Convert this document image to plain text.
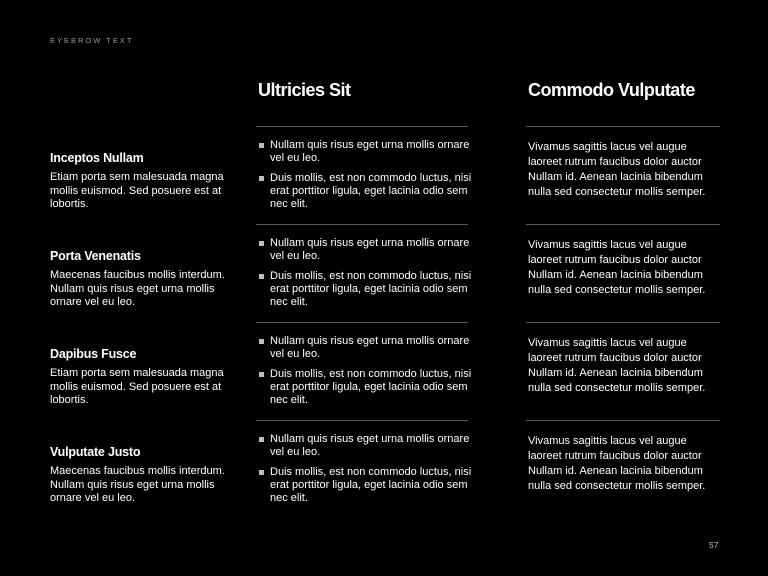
EYEBROW TEXT
Ultricies Sit	Commodo Vulputate
Inceptos Nullam
Etiam porta sem malesuada magna mollis euismod. Sed posuere est at lobortis.
Nullam quis risus eget urna mollis ornare vel eu leo.
Duis mollis, est non commodo luctus, nisi erat porttitor ligula, eget lacinia odio sem nec elit.
Vivamus sagittis lacus vel augue laoreet rutrum faucibus dolor auctor Nullam id. Aenean lacinia bibendum nulla sed consectetur mollis semper.
Porta Venenatis
Maecenas faucibus mollis interdum. Nullam quis risus eget urna mollis ornare vel eu leo.
Nullam quis risus eget urna mollis ornare vel eu leo.
Duis mollis, est non commodo luctus, nisi erat porttitor ligula, eget lacinia odio sem nec elit.
Vivamus sagittis lacus vel augue laoreet rutrum faucibus dolor auctor Nullam id. Aenean lacinia bibendum nulla sed consectetur mollis semper.
Dapibus Fusce
Etiam porta sem malesuada magna mollis euismod. Sed posuere est at lobortis.
Nullam quis risus eget urna mollis ornare vel eu leo.
Duis mollis, est non commodo luctus, nisi erat porttitor ligula, eget lacinia odio sem nec elit.
Vivamus sagittis lacus vel augue laoreet rutrum faucibus dolor auctor Nullam id. Aenean lacinia bibendum nulla sed consectetur mollis semper.
Vulputate Justo
Maecenas faucibus mollis interdum. Nullam quis risus eget urna mollis ornare vel eu leo.
Nullam quis risus eget urna mollis ornare vel eu leo.
Duis mollis, est non commodo luctus, nisi erat porttitor ligula, eget lacinia odio sem nec elit.
Vivamus sagittis lacus vel augue laoreet rutrum faucibus dolor auctor Nullam id. Aenean lacinia bibendum nulla sed consectetur mollis semper.
57
